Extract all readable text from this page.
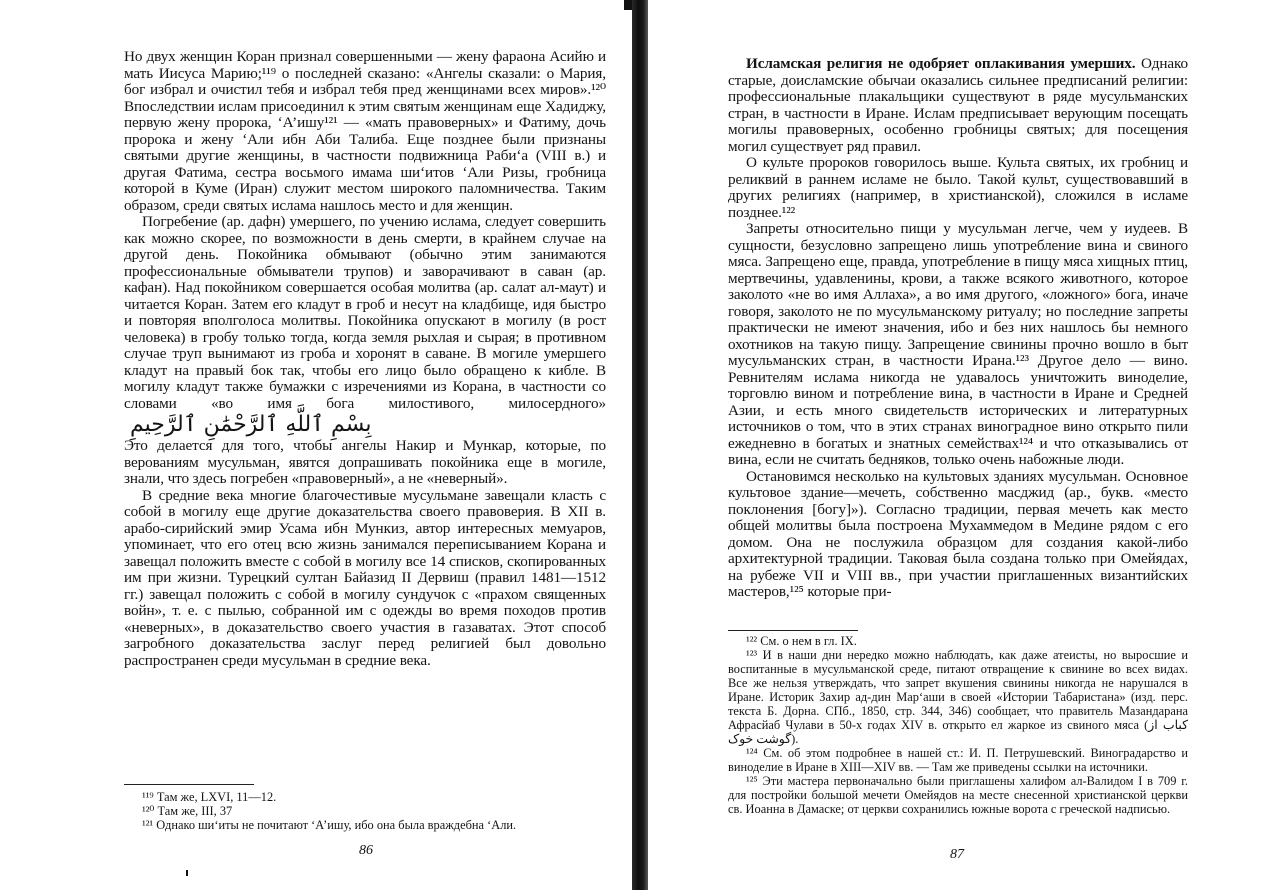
Но двух женщин Коран признал совершенными — жену фараона Асийю и мать Иисуса Марию;¹¹⁹ о последней сказано: «Ангелы сказали: о Мария, бог избрал и очистил тебя и избрал тебя пред женщинами всех миров».¹²⁰ Впоследствии ислам присоединил к этим святым женщинам еще Хадиджу, первую жену пророка, ʻА’ишу¹²¹ — «мать правоверных» и Фатиму, дочь пророка и жену ʻАли ибн Аби Талиба. Еще позднее были признаны святыми другие женщины, в частности подвижница Рабиʻа (VIII в.) и другая Фатима, сестра восьмого имама шиʻитов ʻАли Ризы, гробница которой в Куме (Иран) служит местом широкого паломничества. Таким образом, среди святых ислама нашлось место и для женщин.

Погребение (ар. дафн) умершего, по учению ислама, следует совершить как можно скорее, по возможности в день смерти, в крайнем случае на другой день. Покойника обмывают (обычно этим занимаются профессиональные обмыватели трупов) и заворачивают в саван (ар. кафан). Над покойником совершается особая молитва (ар. салат ал-маут) и читается Коран. Затем его кладут в гроб и несут на кладбище, идя быстро и повторяя вполголоса молитвы. Покойника опускают в могилу (в рост человека) в гробу только тогда, когда земля рыхлая и сырая; в противном случае труп вынимают из гроба и хоронят в саване. В могиле умершего кладут на правый бок так, чтобы его лицо было обращено к кибле. В могилу кладут также бумажки с изречениями из Корана, в частности со словами «во имя бога милостивого, милосердного» بِسْمِ ٱللَّهِ ٱلرَّحْمَٰنِ ٱلرَّحِيمِ

Это делается для того, чтобы ангелы Накир и Мункар, которые, по верованиям мусульман, явятся допрашивать покойника еще в могиле, знали, что здесь погребен «правоверный», а не «неверный».

В средние века многие благочестивые мусульмане завещали класть с собой в могилу еще другие доказательства своего правоверия. В XII в. арабо-сирийский эмир Усама ибн Мункиз, автор интересных мемуаров, упоминает, что его отец всю жизнь занимался переписыванием Корана и завещал положить вместе с собой в могилу все 14 списков, скопированных им при жизни. Турецкий султан Байазид II Дервиш (правил 1481—1512 гг.) завещал положить с собой в могилу сундучок с «прахом священных войн», т. е. с пылью, собранной им с одежды во время походов против «неверных», в доказательство своего участия в газаватах. Этот способ загробного доказательства заслуг перед религией был довольно распространен среди мусульман в средние века.

¹¹⁹ Там же, LXVI, 11—12.

¹²⁰ Там же, III, 37

¹²¹ Однако шиʻиты не почитают ʻА’ишу, ибо она была враждебна ʻАли.

86

Исламская религия не одобряет оплакивания умерших. Однако старые, доисламские обычаи оказались сильнее предписаний религии: профессиональные плакальщики существуют в ряде мусульманских стран, в частности в Иране. Ислам предписывает верующим посещать могилы правоверных, особенно гробницы святых; для посещения могил существует ряд правил.

О культе пророков говорилось выше. Культа святых, их гробниц и реликвий в раннем исламе не было. Такой культ, существовавший в других религиях (например, в христианской), сложился в исламе позднее.¹²²

Запреты относительно пищи у мусульман легче, чем у иудеев. В сущности, безусловно запрещено лишь употребление вина и свиного мяса. Запрещено еще, правда, употребление в пищу мяса хищных птиц, мертвечины, удавленины, крови, а также всякого животного, которое заколото «не во имя Аллаха», а во имя другого, «ложного» бога, иначе говоря, заколото не по мусульманскому ритуалу; но последние запреты практически не имеют значения, ибо и без них нашлось бы немного охотников на такую пищу. Запрещение свинины прочно вошло в быт мусульманских стран, в частности Ирана.¹²³ Другое дело — вино. Ревнителям ислама никогда не удавалось уничтожить виноделие, торговлю вином и потребление вина, в частности в Иране и Средней Азии, и есть много свидетельств исторических и литературных источников о том, что в этих странах виноградное вино открыто пили ежедневно в богатых и знатных семействах¹²⁴ и что отказывались от вина, если не считать бедняков, только очень набожные люди.

Остановимся несколько на культовых зданиях мусульман. Основное культовое здание—мечеть, собственно масджид (ар., букв. «место поклонения [богу]»). Согласно традиции, первая мечеть как место общей молитвы была построена Мухаммедом в Медине рядом с его домом. Она не послужила образцом для создания какой-либо архитектурной традиции. Таковая была создана только при Омейядах, на рубеже VII и VIII вв., при участии приглашенных византийских мастеров,¹²⁵ которые при-

¹²² См. о нем в гл. IX.

¹²³ И в наши дни нередко можно наблюдать, как даже атеисты, но выросшие и воспитанные в мусульманской среде, питают отвращение к свинине во всех видах. Все же нельзя утверждать, что запрет вкушения свинины никогда не нарушался в Иране. Историк Захир ад-дин Марʻаши в своей «Истории Табаристана» (изд. перс. текста Б. Дорна. СПб., 1850, стр. 344, 346) сообщает, что правитель Мазандарана Афрасйаб Чулави в 50-х годах XIV в. открыто ел жаркое из свиного мяса (کباب از گوشت خوک).

¹²⁴ См. об этом подробнее в нашей ст.: И. П. Петрушевский. Виноградарство и виноделие в Иране в XIII—XIV вв. — Там же приведены ссылки на источники.

¹²⁵ Эти мастера первоначально были приглашены халифом ал-Валидом I в 709 г. для постройки большой мечети Омейядов на месте снесенной христианской церкви св. Иоанна в Дамаске; от церкви сохранились южные ворота с греческой надписью.

87
